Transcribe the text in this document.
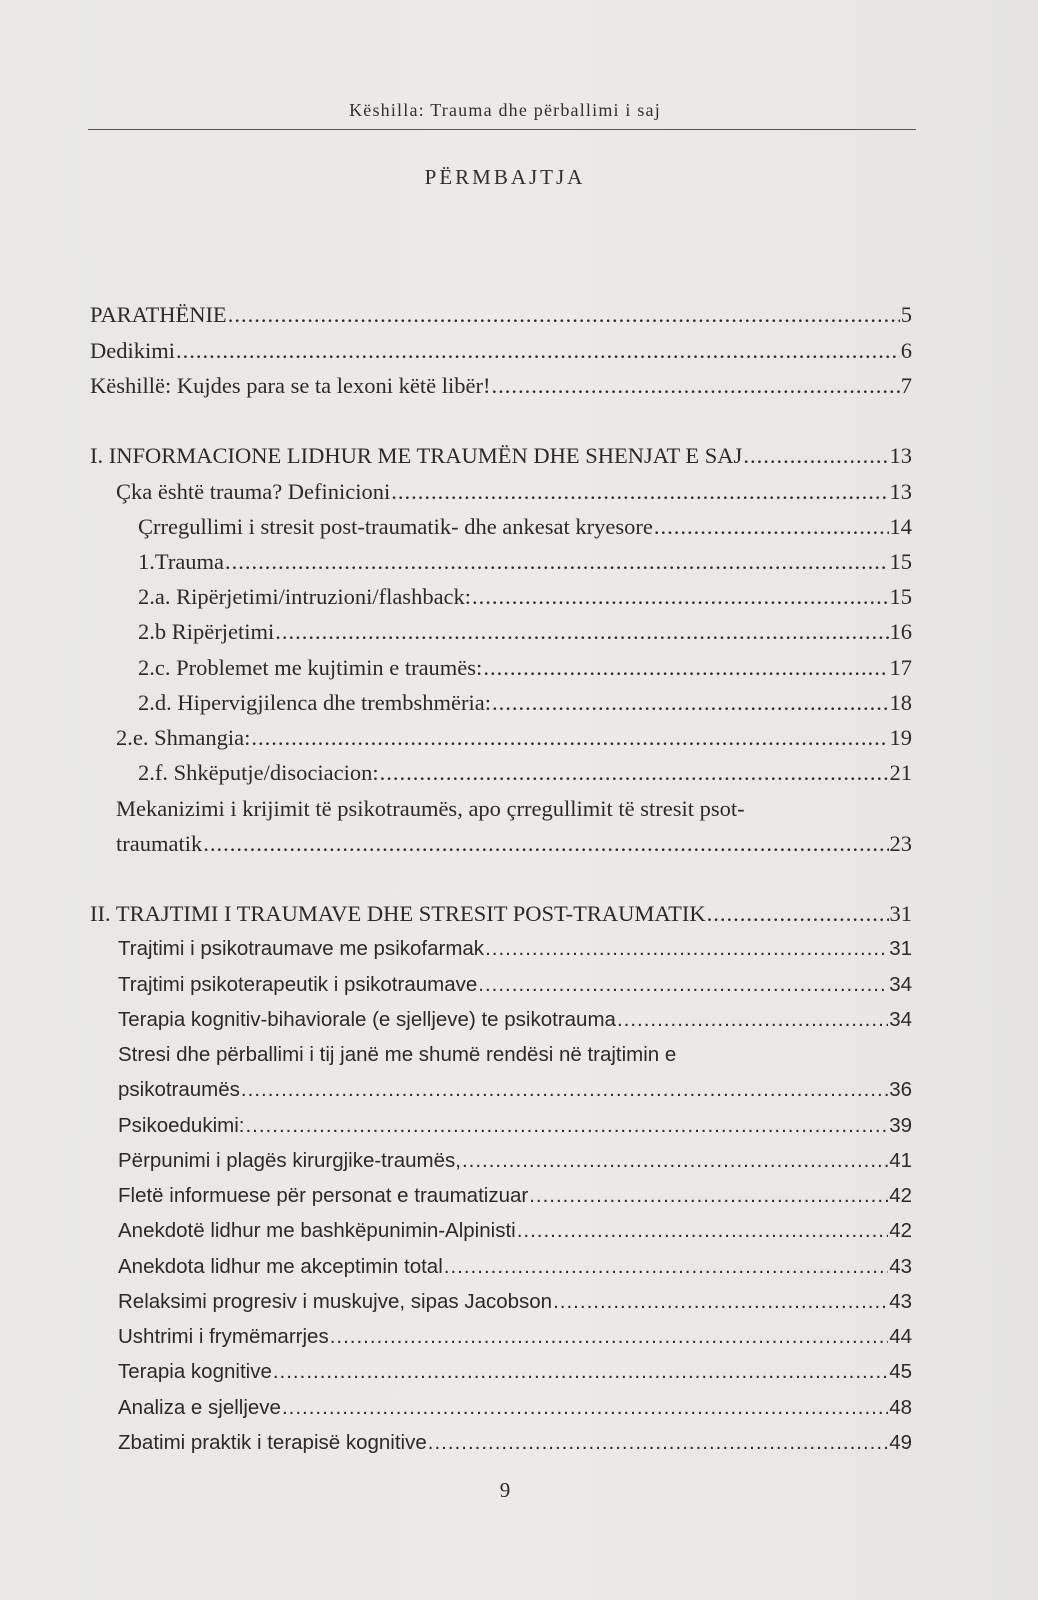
Këshilla: Trauma dhe përballimi i saj
PËRMBAJTJA
PARATHËNIE .....	5
Dedikimi .....	6
Këshillë: Kujdes para se ta lexoni këtë libër! .....	7
I. INFORMACIONE LIDHUR ME TRAUMËN DHE SHENJAT E SAJ .....	13
Çka është trauma? Definicioni .....	13
Çrregullimi i stresit post-traumatik- dhe ankesat kryesore .....	14
1.Trauma .....	15
2.a. Ripërjetimi/intruzioni/flashback: .....	15
2.b Ripërjetimi .....	16
2.c. Problemet me kujtimin e traumës: .....	17
2.d. Hipervigjilenca dhe trembshmëria: .....	18
2.e. Shmangia: .....	19
2.f. Shkëputje/disociacion: .....	21
Mekanizimi i krijimit të psikotraumës, apo çrregullimit të stresit psot-
traumatik .....	23
II. TRAJTIMI I TRAUMAVE DHE STRESIT POST-TRAUMATIK .....	31
Trajtimi i psikotraumave me psikofarmak .....	31
Trajtimi psikoterapeutik i psikotraumave .....	34
Terapia kognitiv-bihaviorale (e sjelljeve) te psikotrauma .....	34
Stresi dhe përballimi i tij janë me shumë rendësi në trajtimin e
psikotraumës .....	36
Psikoedukimi: .....	39
Përpunimi i plagës kirurgjike-traumës, .....	41
Fletë informuese për personat e traumatizuar .....	42
Anekdotë lidhur me bashkëpunimin-Alpinisti .....	42
Anekdota lidhur me akceptimin total .....	43
Relaksimi progresiv i muskujve, sipas Jacobson .....	43
Ushtrimi i frymëmarrjes .....	44
Terapia kognitive .....	45
Analiza e sjelljeve .....	48
Zbatimi praktik i terapisë kognitive .....	49
9
